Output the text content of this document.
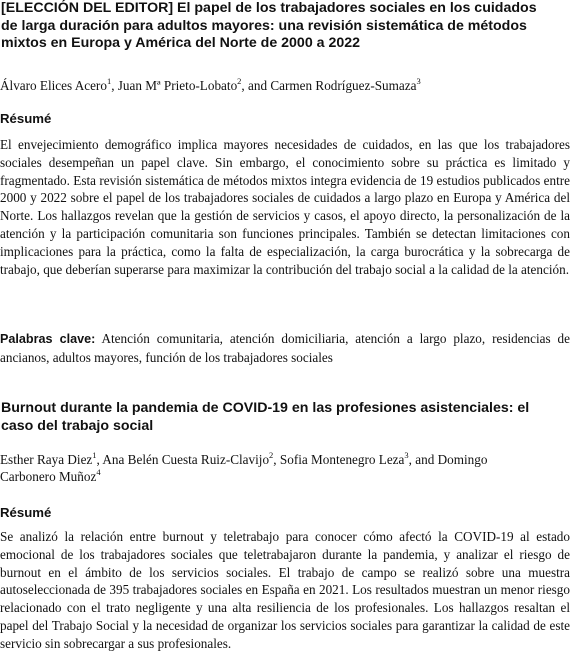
[ELECCIÓN DEL EDITOR] El papel de los trabajadores sociales en los cuidados de larga duración para adultos mayores: una revisión sistemática de métodos mixtos en Europa y América del Norte de 2000 a 2022

Álvaro Elices Acero$^1$, Juan Mª Prieto-Lobato$^2$, and Carmen Rodríguez-Sumaza$^3$

Résumé

El envejecimiento demográfico implica mayores necesidades de cuidados, en las que los trabajadores sociales desempeñan un papel clave. Sin embargo, el conocimiento sobre su práctica es limitado y fragmentado. Esta revisión sistemática de métodos mixtos integra evidencia de 19 estudios publicados entre 2000 y 2022 sobre el papel de los trabajadores sociales de cuidados a largo plazo en Europa y América del Norte. Los hallazgos revelan que la gestión de servicios y casos, el apoyo directo, la personalización de la atención y la participación comunitaria son funciones principales. También se detectan limitaciones con implicaciones para la práctica, como la falta de especialización, la carga burocrática y la sobrecarga de trabajo, que deberían superarse para maximizar la contribución del trabajo social a la calidad de la atención.

Palabras clave: Atención comunitaria, atención domiciliaria, atención a largo plazo, residencias de ancianos, adultos mayores, función de los trabajadores sociales

Burnout durante la pandemia de COVID-19 en las profesiones asistenciales: el caso del trabajo social

Esther Raya Diez$^1$, Ana Belén Cuesta Ruiz-Clavijo$^2$, Sofia Montenegro Leza$^3$, and Domingo Carbonero Muñoz$^4$

Résumé

Se analizó la relación entre burnout y teletrabajo para conocer cómo afectó la COVID-19 al estado emocional de los trabajadores sociales que teletrabajaron durante la pandemia, y analizar el riesgo de burnout en el ámbito de los servicios sociales. El trabajo de campo se realizó sobre una muestra autoseleccionada de 395 trabajadores sociales en España en 2021. Los resultados muestran un menor riesgo relacionado con el trato negligente y una alta resiliencia de los profesionales. Los hallazgos resaltan el papel del Trabajo Social y la necesidad de organizar los servicios sociales para garantizar la calidad de este servicio sin sobrecargar a sus profesionales.
